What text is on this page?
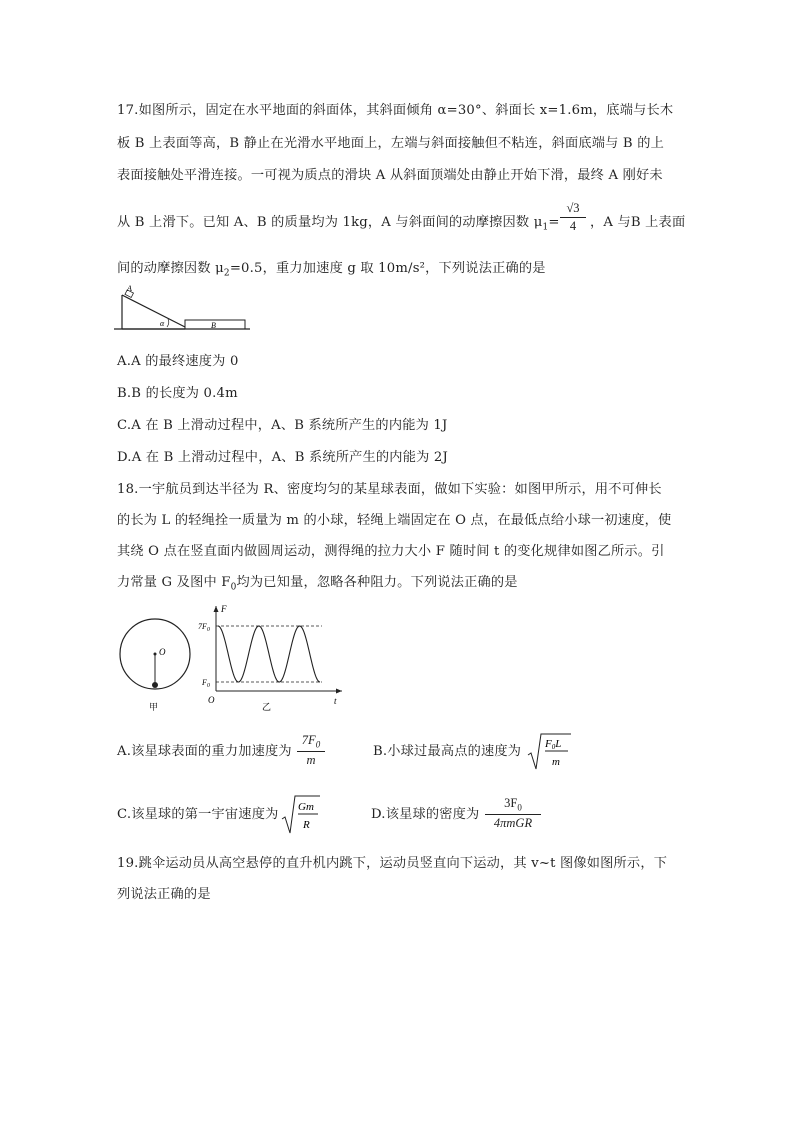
17.如图所示，固定在水平地面的斜面体，其斜面倾角 α=30°、斜面长 x=1.6m，底端与长木
板 B 上表面等高，B 静止在光滑水平地面上，左端与斜面接触但不粘连，斜面底端与 B 的上
表面接触处平滑连接。一可视为质点的滑块 A 从斜面顶端处由静止开始下滑，最终 A 刚好未
从 B 上滑下。已知 A、B 的质量均为 1kg，A 与斜面间的动摩擦因数 $\mu_1= \frac{√3}{4}$ ，A 与B 上表面
间的动摩擦因数 $\mu_2=0.5$，重力加速度 g 取 10m/s²，下列说法正确的是
A
α	B
A.A 的最终速度为 0
B.B 的长度为 0.4m
C.A 在 B 上滑动过程中，A、B 系统所产生的内能为 1J
D.A 在 B 上滑动过程中，A、B 系统所产生的内能为 2J
18.一宇航员到达半径为 R、密度均匀的某星球表面，做如下实验：如图甲所示，用不可伸长
的长为 L 的轻绳拴一质量为 m 的小球，轻绳上端固定在 O 点，在最低点给小球一初速度，使
其绕 O 点在竖直面内做圆周运动，测得绳的拉力大小 F 随时间 t 的变化规律如图乙所示。引
力常量 G 及图中 $F_0$均为已知量，忽略各种阻力。下列说法正确的是
O
甲
F
t
O
$7F_0$
$F_0$
乙
A.该星球表面的重力加速度为 $\frac{7F_0}{m}$	B.小球过最高点的速度为 F0L
m
C.该星球的第一宇宙速度为 Gm
R
D.该星球的密度为
$3F_0$
4πmGR
19.跳伞运动员从高空悬停的直升机内跳下，运动员竖直向下运动，其 v~t 图像如图所示，下
列说法正确的是
